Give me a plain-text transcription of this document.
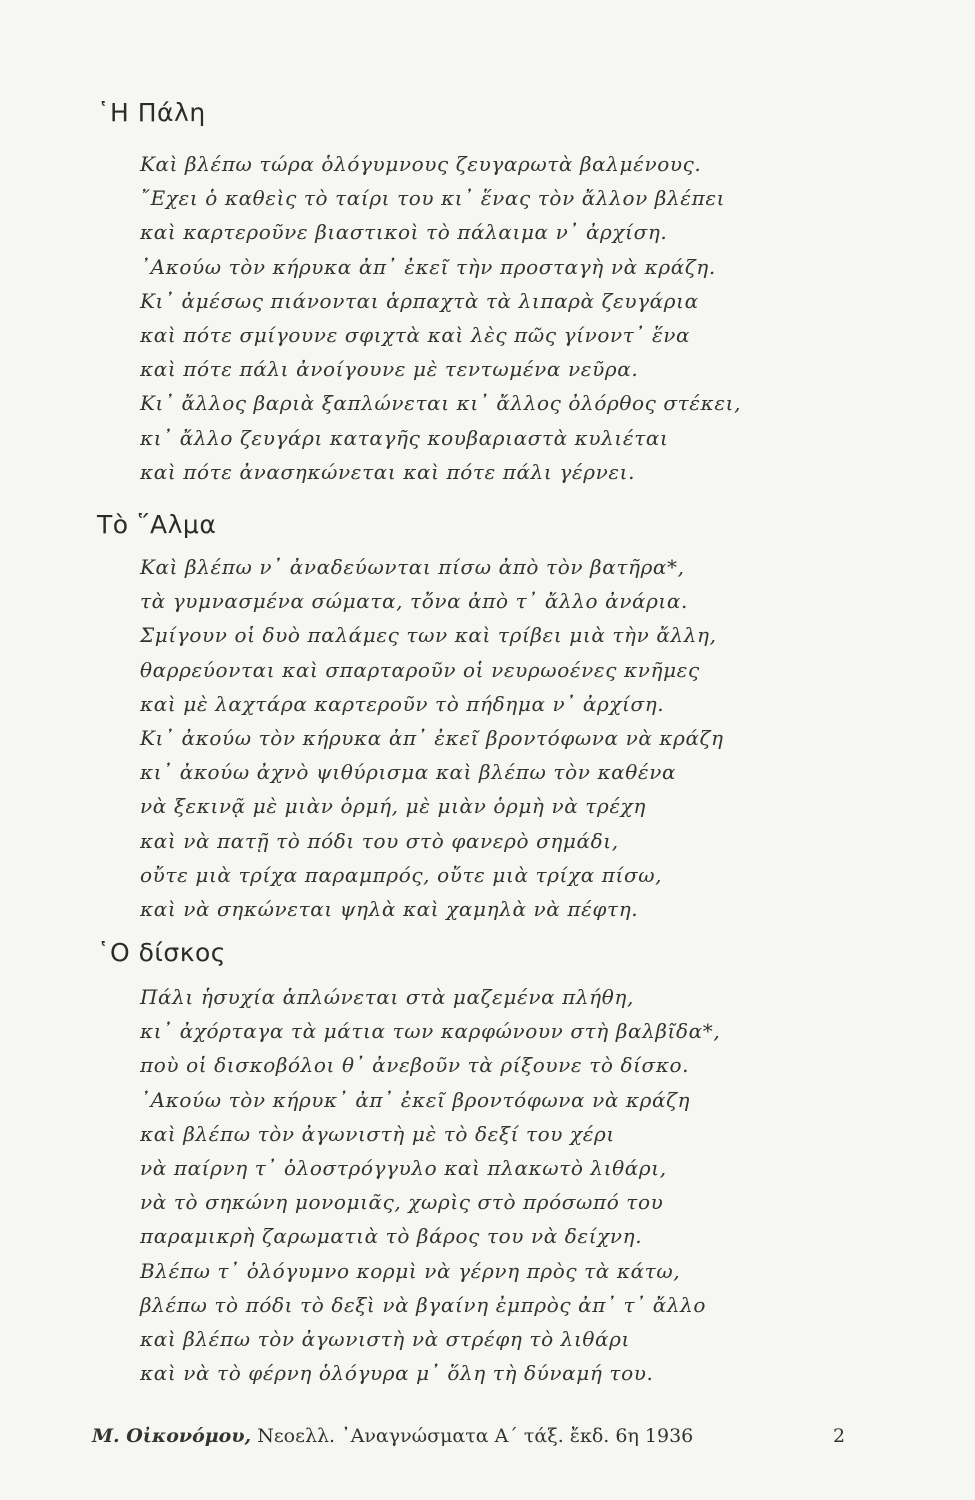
῾Η Πάλη
Καὶ βλέπω τώρα ὁλόγυμνους ζευγαρωτὰ βαλμένους.
῎Εχει ὁ καθεὶς τὸ ταίρι του κι᾿ ἕνας τὸν ἄλλον βλέπει
καὶ καρτεροῦνε βιαστικοὶ τὸ πάλαιμα ν᾿ ἀρχίση.
᾿Ακούω τὸν κήρυκα ἀπ᾿ ἐκεῖ τὴν προσταγὴ νὰ κράζη.
Κι᾿ ἀμέσως πιάνονται ἁρπαχτὰ τὰ λιπαρὰ ζευγάρια
καὶ πότε σμίγουνε σφιχτὰ καὶ λὲς πῶς γίνοντ᾿ ἕνα
καὶ πότε πάλι ἀνοίγουνε μὲ τεντωμένα νεῦρα.
Κι᾿ ἄλλος βαριὰ ξαπλώνεται κι᾿ ἄλλος ὀλόρθος στέκει,
κι᾿ ἄλλο ζευγάρι καταγῆς κουβαριαστὰ κυλιέται
καὶ πότε ἀνασηκώνεται καὶ πότε πάλι γέρνει.
Τὸ ῞Αλμα
Καὶ βλέπω ν᾿ ἀναδεύωνται πίσω ἀπὸ τὸν βατῆρα*,
τὰ γυμνασμένα σώματα, τὄνα ἀπὸ τ᾿ ἄλλο ἀνάρια.
Σμίγουν οἱ δυὸ παλάμες των καὶ τρίβει μιὰ τὴν ἄλλη,
θαρρεύονται καὶ σπαρταροῦν οἱ νευρωοένες κνῆμες
καὶ μὲ λαχτάρα καρτεροῦν τὸ πήδημα ν᾿ ἀρχίση.
Κι᾿ ἀκούω τὸν κήρυκα ἀπ᾿ ἐκεῖ βροντόφωνα νὰ κράζη
κι᾿ ἀκούω ἀχνὸ ψιθύρισμα καὶ βλέπω τὸν καθένα
νὰ ξεκινᾷ μὲ μιὰν ὁρμή, μὲ μιὰν ὁρμὴ νὰ τρέχη
καὶ νὰ πατῇ τὸ πόδι του στὸ φανερὸ σημάδι,
οὔτε μιὰ τρίχα παραμπρός, οὔτε μιὰ τρίχα πίσω,
καὶ νὰ σηκώνεται ψηλὰ καὶ χαμηλὰ νὰ πέφτη.
῾Ο δίσκος
Πάλι ἡσυχία ἁπλώνεται στὰ μαζεμένα πλήθη,
κι᾿ ἀχόρταγα τὰ μάτια των καρφώνουν στὴ βαλβῖδα*,
ποὺ οἱ δισκοβόλοι θ᾿ ἀνεβοῦν τὰ ρίξουνε τὸ δίσκο.
᾿Ακούω τὸν κήρυκ᾿ ἀπ᾿ ἐκεῖ βροντόφωνα νὰ κράζη
καὶ βλέπω τὸν ἀγωνιστὴ μὲ τὸ δεξί του χέρι
νὰ παίρνη τ᾿ ὁλοστρόγγυλο καὶ πλακωτὸ λιθάρι,
νὰ τὸ σηκώνη μονομιᾶς, χωρὶς στὸ πρόσωπό του
παραμικρὴ ζαρωματιὰ τὸ βάρος του νὰ δείχνη.
Βλέπω τ᾿ ὁλόγυμνο κορμὶ νὰ γέρνη πρὸς τὰ κάτω,
βλέπω τὸ πόδι τὸ δεξὶ νὰ βγαίνη ἐμπρὸς ἀπ᾿ τ᾿ ἄλλο
καὶ βλέπω τὸν ἀγωνιστὴ νὰ στρέφη τὸ λιθάρι
καὶ νὰ τὸ φέρνη ὁλόγυρα μ᾿ ὅλη τὴ δύναμή του.
Μ. Οἰκονόμου, Νεοελλ. ᾿Αναγνώσματα Α΄ τάξ. ἔκδ. 6η 1936	2
